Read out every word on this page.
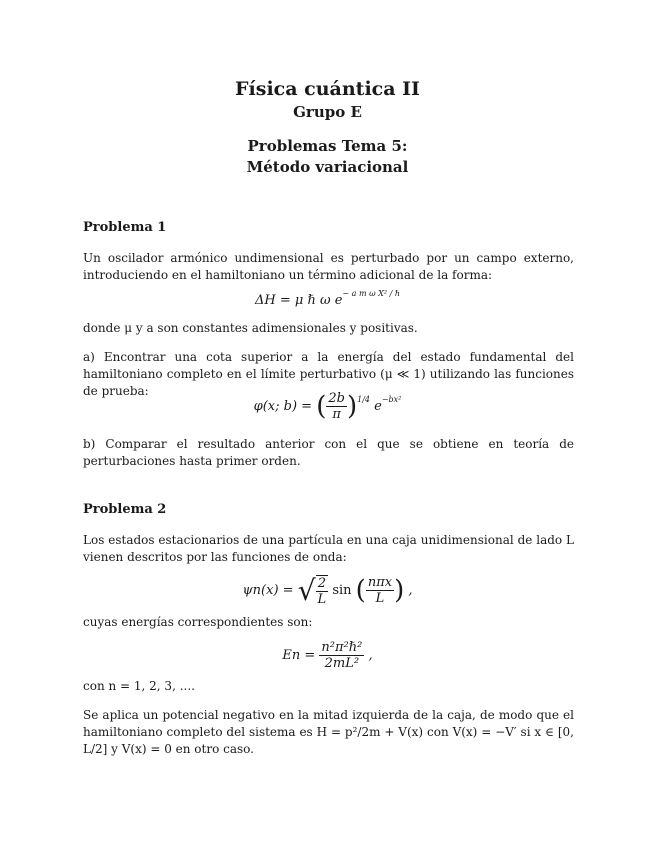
Física cuántica II
Grupo E
Problemas Tema 5:
Método variacional
Problema 1
Un oscilador armónico undimensional es perturbado por un campo externo, introduciendo en el hamiltoniano un término adicional de la forma:
ΔH = μ ℏ ω $e^{- a m \omega X^2 / \hbar}$
donde μ y a son constantes adimensionales y positivas.
a) Encontrar una cota superior a la energía del estado fundamental del hamiltoniano completo en el límite perturbativo (μ ≪ 1) utilizando las funciones de prueba:
φ(x; b) = ( $\frac{2b}{\pi} )^{1/4}$ $e^{-bx^2}$
b) Comparar el resultado anterior con el que se obtiene en teoría de perturbaciones hasta primer orden.
Problema 2
Los estados estacionarios de una partícula en una caja unidimensional de lado L vienen descritos por las funciones de onda:
ψn(x) = √ $\frac{2}{L}$ sin ( $\frac{\text{nπx}}{L}$ ) ,
cuyas energías correspondientes son:
$En = \frac{\text{n²π²ℏ²}}{\text{2mL²}}$ ,
con n = 1, 2, 3, ....
Se aplica un potencial negativo en la mitad izquierda de la caja, de modo que el hamiltoniano completo del sistema es H = p²/2m + V(x) con V(x) = −V′ si x ∈ [0, L/2] y V(x) = 0 en otro caso.
